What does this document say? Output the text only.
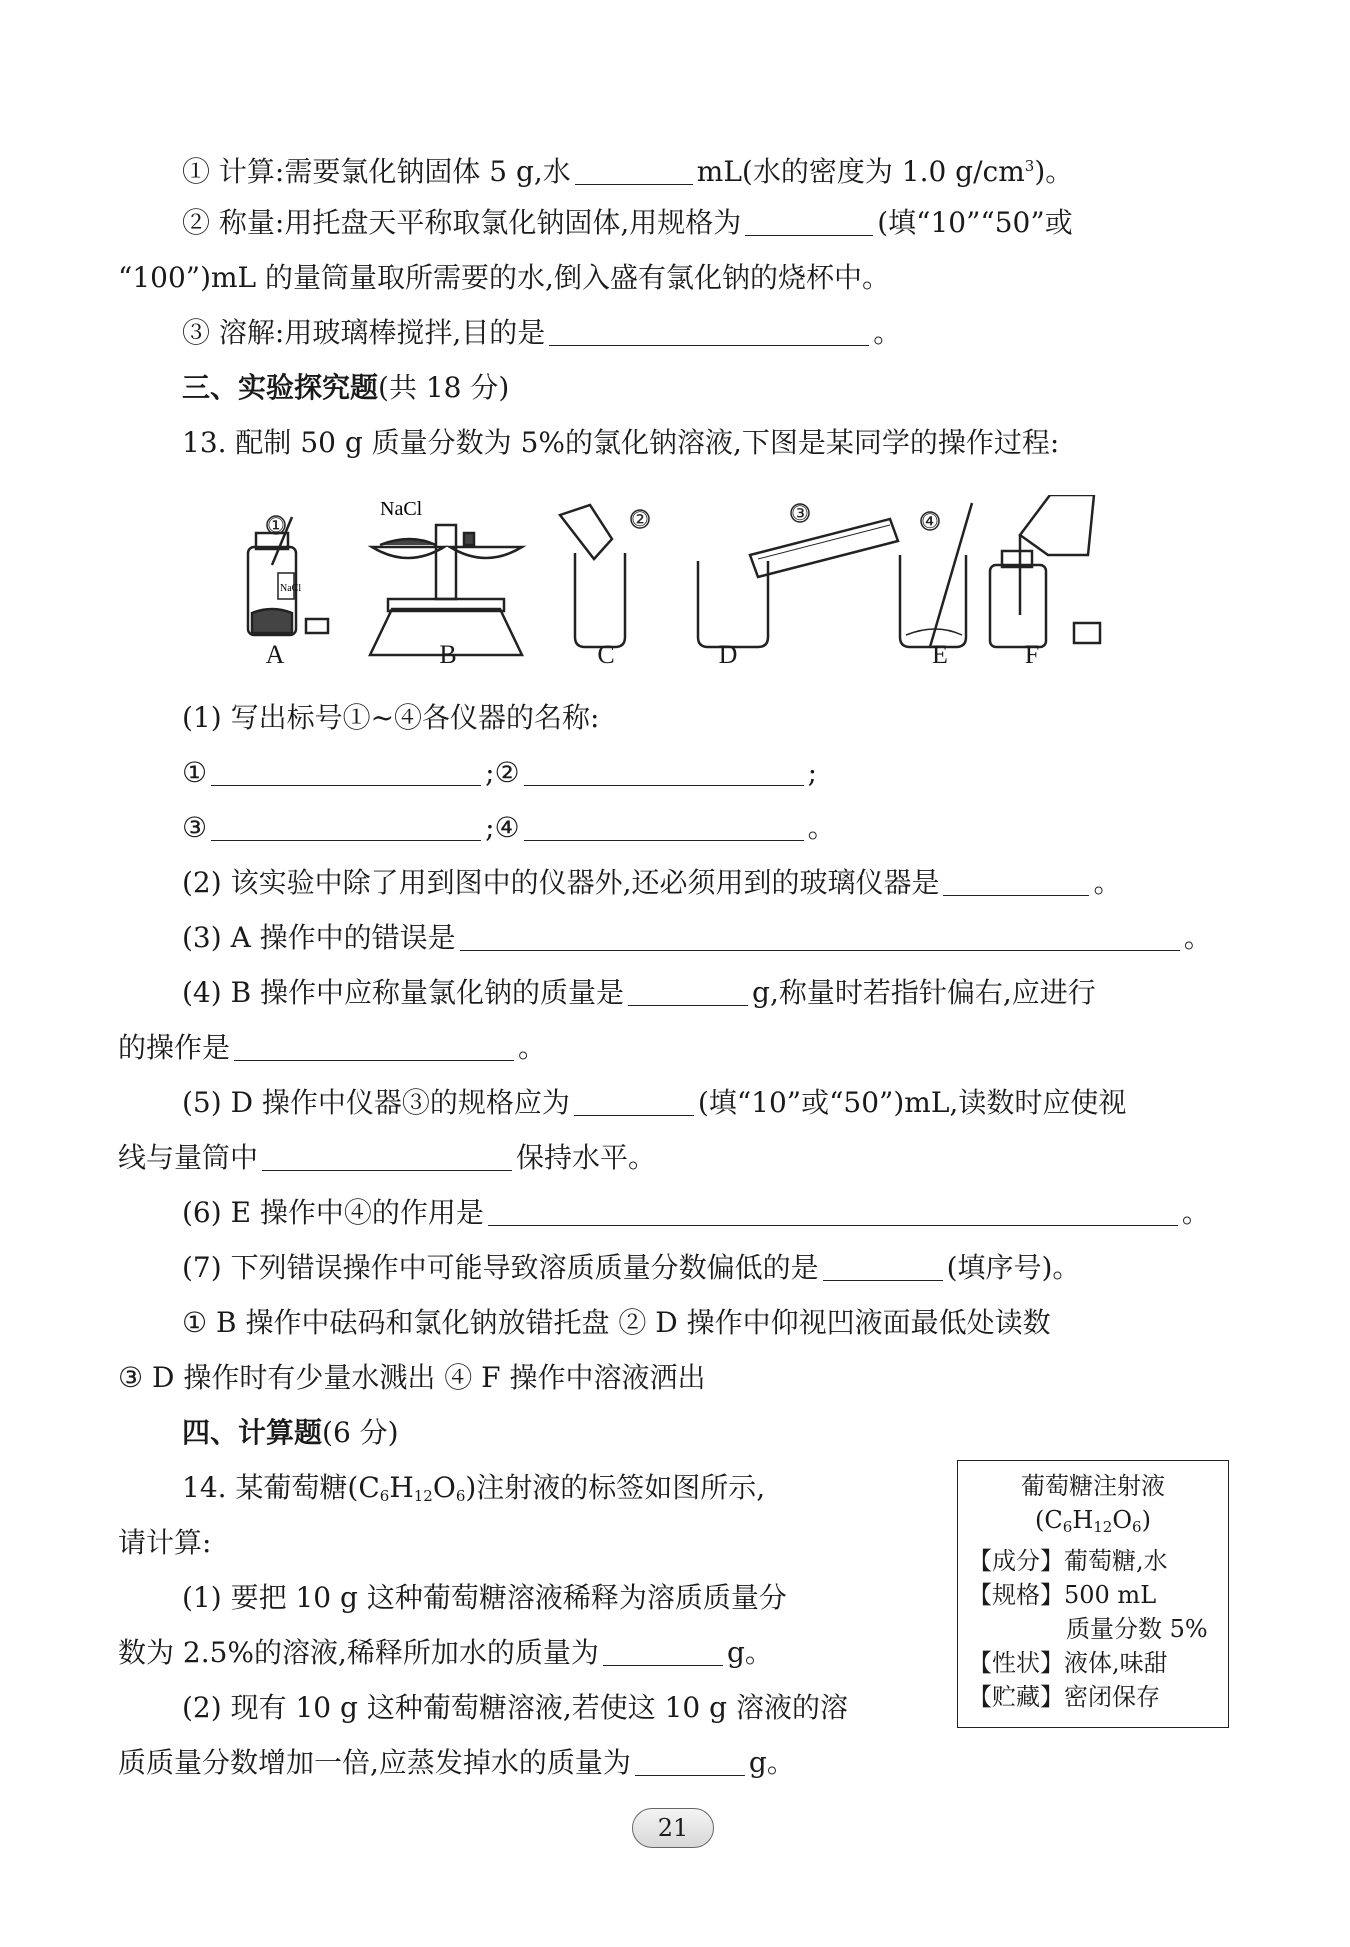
① 计算:需要氯化钠固体 5 g,水	mL(水的密度为 1.0 $g/cm^3$)。
② 称量:用托盘天平称取氯化钠固体,用规格为	(填“10”“50”或
“100”)mL 的量筒量取所需要的水,倒入盛有氯化钠的烧杯中。
③ 溶解:用玻璃棒搅拌,目的是	。
三、实验探究题(共 18 分)
13. 配制 50 g 质量分数为 5%的氯化钠溶液,下图是某同学的操作过程:
①	②	③	④
NaCl
NaCl
A	B	C	D	E	F
(1) 写出标号①~④各仪器的名称:
①	;②	;
③	;④	。
(2) 该实验中除了用到图中的仪器外,还必须用到的玻璃仪器是	。
(3) A 操作中的错误是	。
(4) B 操作中应称量氯化钠的质量是	g,称量时若指针偏右,应进行
的操作是	。
(5) D 操作中仪器③的规格应为	(填“10”或“50”)mL,读数时应使视
线与量筒中	保持水平。
(6) E 操作中④的作用是	。
(7) 下列错误操作中可能导致溶质质量分数偏低的是	(填序号)。
① B 操作中砝码和氯化钠放错托盘 ② D 操作中仰视凹液面最低处读数
③ D 操作时有少量水溅出 ④ F 操作中溶液洒出
四、计算题(6 分)
14. 某葡萄糖$(C_6H_{12}O_6)$注射液的标签如图所示,
请计算:
(1) 要把 10 g 这种葡萄糖溶液稀释为溶质质量分
数为 2.5%的溶液,稀释所加水的质量为	g。
(2) 现有 10 g 这种葡萄糖溶液,若使这 10 g 溶液的溶
质质量分数增加一倍,应蒸发掉水的质量为	g。
葡萄糖注射液
$(C_6H_{12}O_6)$
【成分】葡萄糖,水
【规格】500 mL
质量分数 5%
【性状】液体,味甜
【贮藏】密闭保存
21
